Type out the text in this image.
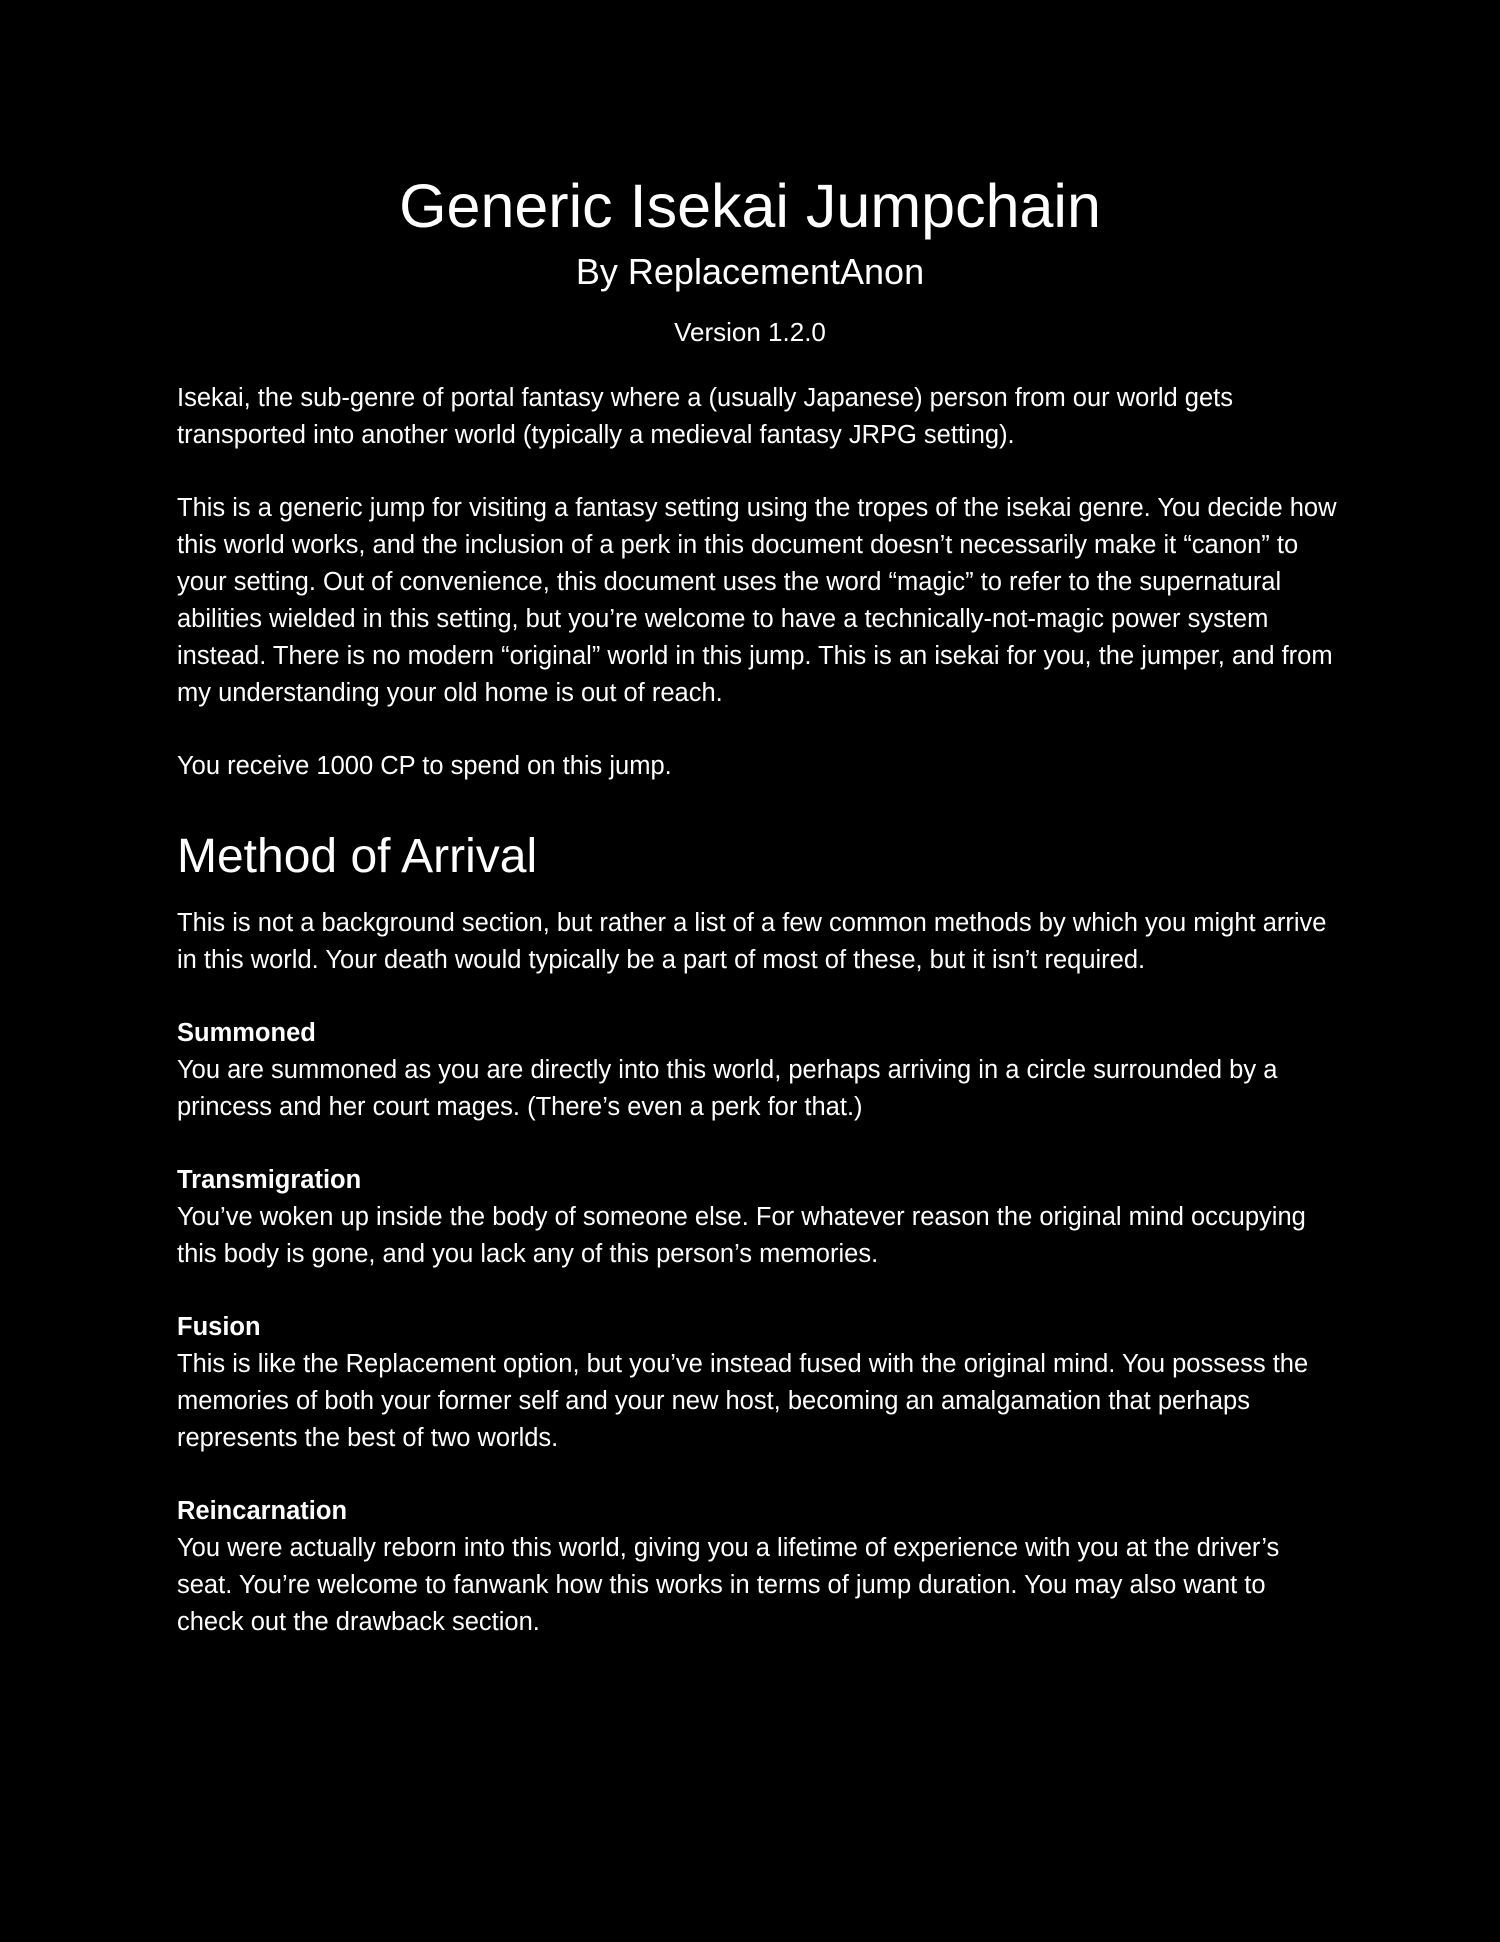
Generic Isekai Jumpchain
By ReplacementAnon
Version 1.2.0

Isekai, the sub-genre of portal fantasy where a (usually Japanese) person from our world gets transported into another world (typically a medieval fantasy JRPG setting).

This is a generic jump for visiting a fantasy setting using the tropes of the isekai genre. You decide how this world works, and the inclusion of a perk in this document doesn’t necessarily make it “canon” to your setting. Out of convenience, this document uses the word “magic” to refer to the supernatural abilities wielded in this setting, but you’re welcome to have a technically-not-magic power system instead. There is no modern “original” world in this jump. This is an isekai for you, the jumper, and from my understanding your old home is out of reach.

You receive 1000 CP to spend on this jump.

Method of Arrival

This is not a background section, but rather a list of a few common methods by which you might arrive in this world. Your death would typically be a part of most of these, but it isn’t required.

Summoned

You are summoned as you are directly into this world, perhaps arriving in a circle surrounded by a princess and her court mages. (There’s even a perk for that.)

Transmigration

You’ve woken up inside the body of someone else. For whatever reason the original mind occupying this body is gone, and you lack any of this person’s memories.

Fusion

This is like the Replacement option, but you’ve instead fused with the original mind. You possess the memories of both your former self and your new host, becoming an amalgamation that perhaps represents the best of two worlds.

Reincarnation

You were actually reborn into this world, giving you a lifetime of experience with you at the driver’s seat. You’re welcome to fanwank how this works in terms of jump duration. You may also want to check out the drawback section.
